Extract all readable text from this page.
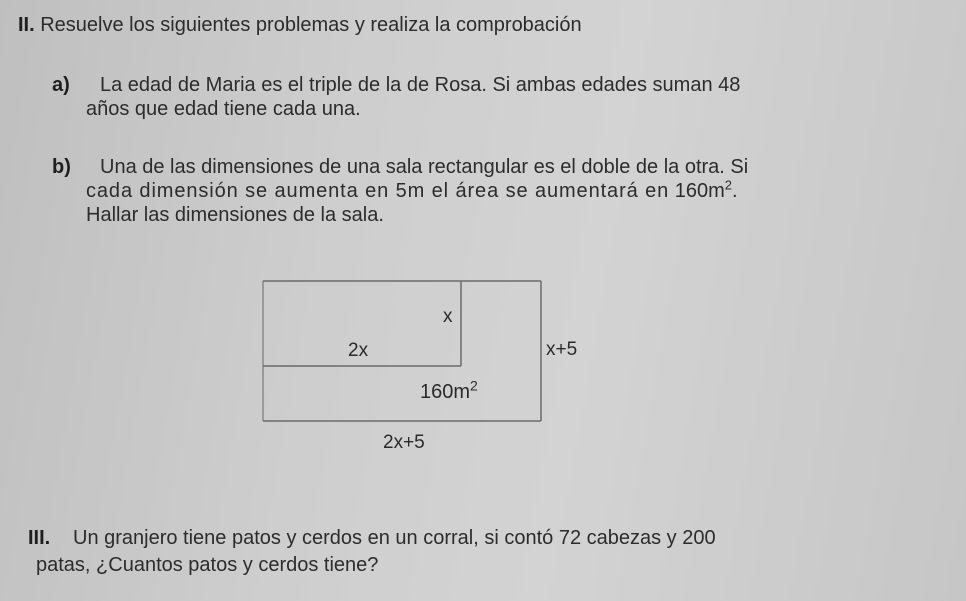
II. Resuelve los siguientes problemas y realiza la comprobación
a) La edad de Maria es el triple de la de Rosa. Si ambas edades suman 48
años que edad tiene cada una.
b) Una de las dimensiones de una sala rectangular es el doble de la otra. Si
cada dimensión se aumenta en 5m el área se aumentará en $160m^2$.
Hallar las dimensiones de la sala.
x
2x	x+5
$160m^2$
2x+5
III. Un granjero tiene patos y cerdos en un corral, si contó 72 cabezas y 200
patas, ¿Cuantos patos y cerdos tiene?
